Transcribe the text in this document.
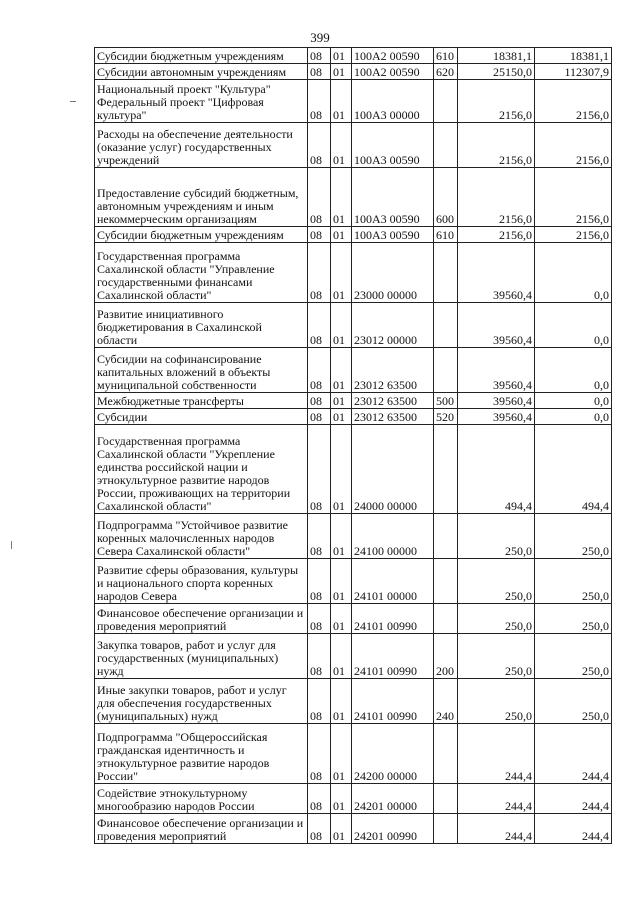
399
Субсидии бюджетным учреждениям	08	01	100А2 00590	610	18381,1	18381,1
Субсидии автономным учреждениям	08	01	100А2 00590	620	25150,0	112307,9
Национальный проект "Культура" Федеральный проект "Цифровая культура"	08	01	100А3 00000		2156,0	2156,0
Расходы на обеспечение деятельности (оказание услуг) государственных учреждений	08	01	100А3 00590		2156,0	2156,0
Предоставление субсидий бюджетным, автономным учреждениям и иным некоммерческим организациям	08	01	100А3 00590	600	2156,0	2156,0
Субсидии бюджетным учреждениям	08	01	100А3 00590	610	2156,0	2156,0
Государственная программа Сахалинской области "Управление государственными финансами Сахалинской области"	08	01	23000 00000		39560,4	0,0
Развитие инициативного бюджетирования в Сахалинской области	08	01	23012 00000		39560,4	0,0
Субсидии на софинансирование капитальных вложений в объекты муниципальной собственности	08	01	23012 63500		39560,4	0,0
Межбюджетные трансферты	08	01	23012 63500	500	39560,4	0,0
Субсидии	08	01	23012 63500	520	39560,4	0,0
Государственная программа Сахалинской области "Укрепление единства российской нации и этнокультурное развитие народов России, проживающих на территории Сахалинской области"	08	01	24000 00000		494,4	494,4
Подпрограмма "Устойчивое развитие коренных малочисленных народов Севера Сахалинской области"	08	01	24100 00000		250,0	250,0
Развитие сферы образования, культуры и национального спорта коренных народов Севера	08	01	24101 00000		250,0	250,0
Финансовое обеспечение организации и проведения мероприятий	08	01	24101 00990		250,0	250,0
Закупка товаров, работ и услуг для государственных (муниципальных) нужд	08	01	24101 00990	200	250,0	250,0
Иные закупки товаров, работ и услуг для обеспечения государственных (муниципальных) нужд	08	01	24101 00990	240	250,0	250,0
Подпрограмма "Общероссийская гражданская идентичность и этнокультурное развитие народов России"	08	01	24200 00000		244,4	244,4
Содействие этнокультурному многообразию народов России	08	01	24201 00000		244,4	244,4
Финансовое обеспечение организации и проведения мероприятий	08	01	24201 00990		244,4	244,4
